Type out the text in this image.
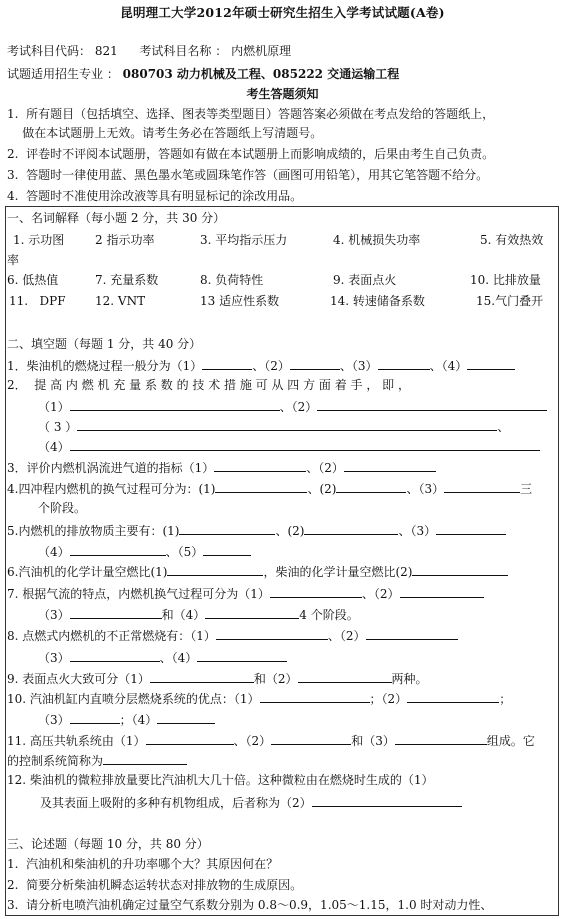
昆明理工大学2012年硕士研究生招生入学考试试题(A卷)
考试科目代码： 821 考试科目名称 ： 内燃机原理
试题适用招生专业 ： 080703 动力机械及工程、085222 交通运输工程
考生答题须知
1.  所有题目（包括填空、选择、图表等类型题目）答题答案必须做在考点发给的答题纸上，
做在本试题册上无效。请考生务必在答题纸上写清题号。
2.  评卷时不评阅本试题册，答题如有做在本试题册上而影响成绩的，后果由考生自己负责。
3.  答题时一律使用蓝、黑色墨水笔或圆珠笔作答（画图可用铅笔），用其它笔答题不给分。
4.  答题时不准使用涂改液等具有明显标记的涂改用品。
一、名词解释（每小题 2 分，共 30 分）
1. 示功图	2 指示功率	3. 平均指示压力	4. 机械损失功率	5. 有效热效
率
6. 低热值	7. 充量系数	8. 负荷特性	9. 表面点火	10. 比排放量
11.   DPF 12. VNT	13 适应性系数	14. 转速储备系数	15.气门叠开
二、填空题（每题 1 分，共 40 分）
1．柴油机的燃烧过程一般分为（1）	、（2）	、（3）	、（4）
2．  提 高 内 燃 机 充 量 系 数 的 技 术 措 施 可 从 四 方 面 着 手 ， 即 ，
（1）	、（2）
（ 3 ）	、
（4）
3．评价内燃机涡流进气道的指标（1）	、（2）
4.四冲程内燃机的换气过程可分为：(1)	、(2)	、（3）	三
个阶段。
5.内燃机的排放物质主要有：(1)	、(2)	、（3）
（4）	、（5）
6.汽油机的化学计量空燃比(1)	，柴油的化学计量空燃比(2)
7. 根据气流的特点，内燃机换气过程可分为（1）	、（2）
（3）	和（4）	4 个阶段。
8. 点燃式内燃机的不正常燃烧有：（1）	、（2）
（3）	、（4）
9. 表面点火大致可分（1）	和（2）	两种。
10. 汽油机缸内直喷分层燃烧系统的优点：（1）	；（2）	；
（3）	；（4）
11. 高压共轨系统由（1）	、（2）	和（3）	组成。它
的控制系统简称为
12. 柴油机的微粒排放量要比汽油机大几十倍。这种微粒由在燃烧时生成的（1）
及其表面上吸附的多种有机物组成，后者称为（2）
三、论述题（每题 10 分，共 80 分）
1.  汽油机和柴油机的升功率哪个大？其原因何在？
2.  简要分析柴油机瞬态运转状态对排放物的生成原因。
3.  请分析电喷汽油机确定过量空气系数分别为 0.8～0.9，1.05～1.15，1.0 时对动力性、
